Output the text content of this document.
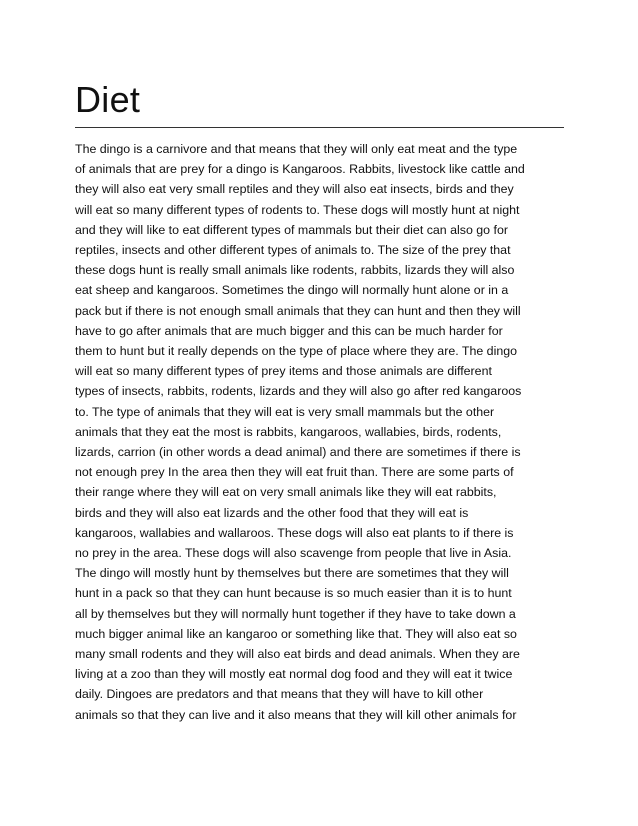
Diet

The dingo is a carnivore and that means that they will only eat meat and the type
of animals that are prey for a dingo is Kangaroos. Rabbits, livestock like cattle and
they will also eat very small reptiles and they will also eat insects, birds and they
will eat so many different types of rodents to. These dogs will mostly hunt at night
and they will like to eat different types of mammals but their diet can also go for
reptiles, insects and other different types of animals to. The size of the prey that
these dogs hunt is really small animals like rodents, rabbits, lizards they will also
eat sheep and kangaroos. Sometimes the dingo will normally hunt alone or in a
pack but if there is not enough small animals that they can hunt and then they will
have to go after animals that are much bigger and this can be much harder for
them to hunt but it really depends on the type of place where they are. The dingo
will eat so many different types of prey items and those animals are different
types of insects, rabbits, rodents, lizards and they will also go after red kangaroos
to. The type of animals that they will eat is very small mammals but the other
animals that they eat the most is rabbits, kangaroos, wallabies, birds, rodents,
lizards, carrion (in other words a dead animal) and there are sometimes if there is
not enough prey In the area then they will eat fruit than. There are some parts of
their range where they will eat on very small animals like they will eat rabbits,
birds and they will also eat lizards and the other food that they will eat is
kangaroos, wallabies and wallaroos. These dogs will also eat plants to if there is
no prey in the area. These dogs will also scavenge from people that live in Asia.
The dingo will mostly hunt by themselves but there are sometimes that they will
hunt in a pack so that they can hunt because is so much easier than it is to hunt
all by themselves but they will normally hunt together if they have to take down a
much bigger animal like an kangaroo or something like that. They will also eat so
many small rodents and they will also eat birds and dead animals. When they are
living at a zoo than they will mostly eat normal dog food and they will eat it twice
daily. Dingoes are predators and that means that they will have to kill other
animals so that they can live and it also means that they will kill other animals for
